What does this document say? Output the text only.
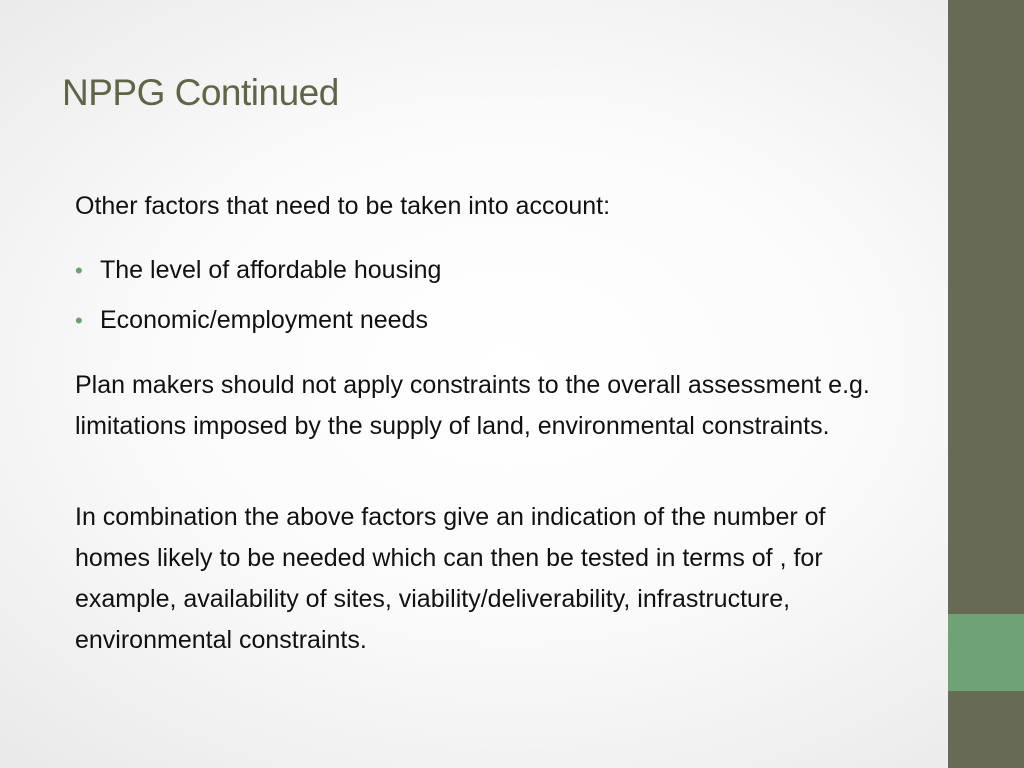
NPPG Continued
Other factors that need to be taken into account:
• The level of affordable housing
• Economic/employment needs
Plan makers should not apply constraints to the overall assessment e.g. limitations imposed by the supply of land, environmental constraints.
In combination the above factors give an indication of the number of homes likely to be needed which can then be tested in terms of , for example, availability of sites, viability/deliverability, infrastructure, environmental constraints.
